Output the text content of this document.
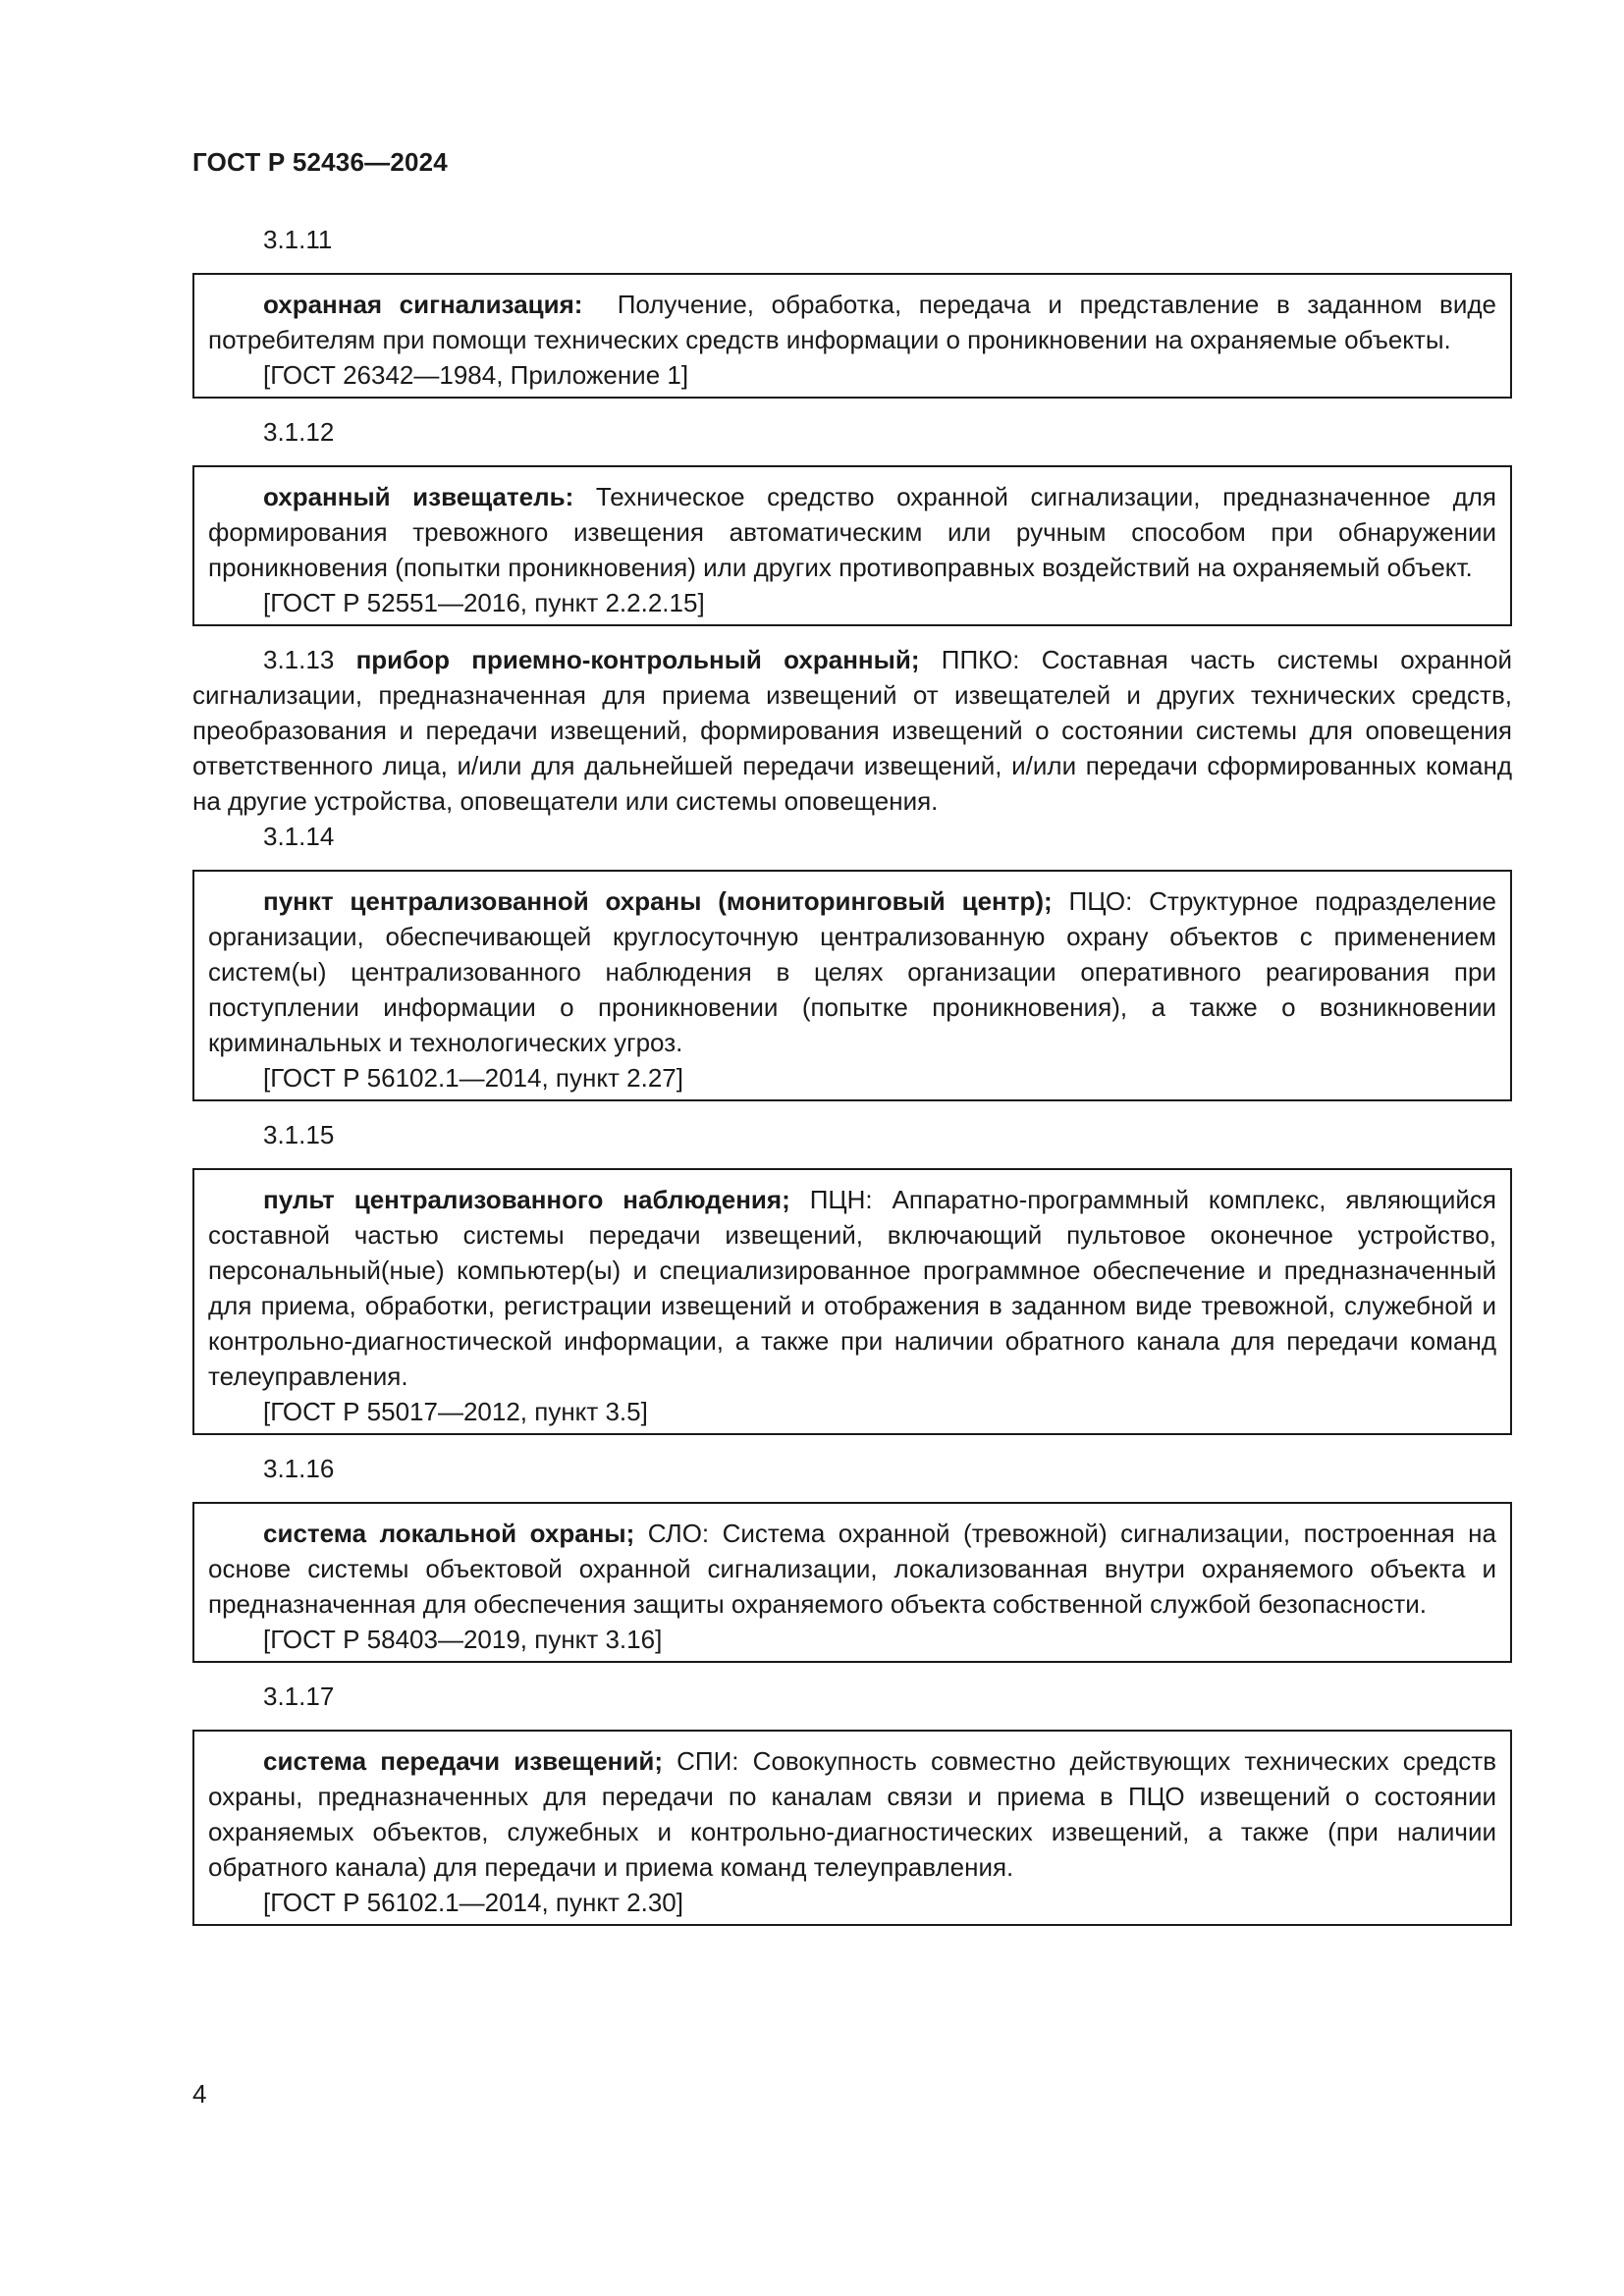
ГОСТ Р 52436—2024
3.1.11

охранная сигнализация: Получение, обработка, передача и представление в заданном виде потребителям при помощи технических средств информации о проникновении на охраняемые объекты.

[ГОСТ 26342—1984, Приложение 1]

3.1.12

охранный извещатель: Техническое средство охранной сигнализации, предназначенное для формирования тревожного извещения автоматическим или ручным способом при обнаружении проникновения (попытки проникновения) или других противоправных воздействий на охраняемый объект.

[ГОСТ Р 52551—2016, пункт 2.2.2.15]

3.1.13 прибор приемно-контрольный охранный; ППКО: Составная часть системы охранной сигнализации, предназначенная для приема извещений от извещателей и других технических средств, преобразования и передачи извещений, формирования извещений о состоянии системы для оповещения ответственного лица, и/или для дальнейшей передачи извещений, и/или передачи сформированных команд на другие устройства, оповещатели или системы оповещения.

3.1.14

пункт централизованной охраны (мониторинговый центр); ПЦО: Структурное подразделение организации, обеспечивающей круглосуточную централизованную охрану объектов с применением систем(ы) централизованного наблюдения в целях организации оперативного реагирования при поступлении информации о проникновении (попытке проникновения), а также о возникновении криминальных и технологических угроз.

[ГОСТ Р 56102.1—2014, пункт 2.27]

3.1.15

пульт централизованного наблюдения; ПЦН: Аппаратно-программный комплекс, являющийся составной частью системы передачи извещений, включающий пультовое оконечное устройство, персональный(ные) компьютер(ы) и специализированное программное обеспечение и предназначенный для приема, обработки, регистрации извещений и отображения в заданном виде тревожной, служебной и контрольно-диагностической информации, а также при наличии обратного канала для передачи команд телеуправления.

[ГОСТ Р 55017—2012, пункт 3.5]

3.1.16

система локальной охраны; СЛО: Система охранной (тревожной) сигнализации, построенная на основе системы объектовой охранной сигнализации, локализованная внутри охраняемого объекта и предназначенная для обеспечения защиты охраняемого объекта собственной службой безопасности.

[ГОСТ Р 58403—2019, пункт 3.16]

3.1.17

система передачи извещений; СПИ: Совокупность совместно действующих технических средств охраны, предназначенных для передачи по каналам связи и приема в ПЦО извещений о состоянии охраняемых объектов, служебных и контрольно-диагностических извещений, а также (при наличии обратного канала) для передачи и приема команд телеуправления.

[ГОСТ Р 56102.1—2014, пункт 2.30]

4
